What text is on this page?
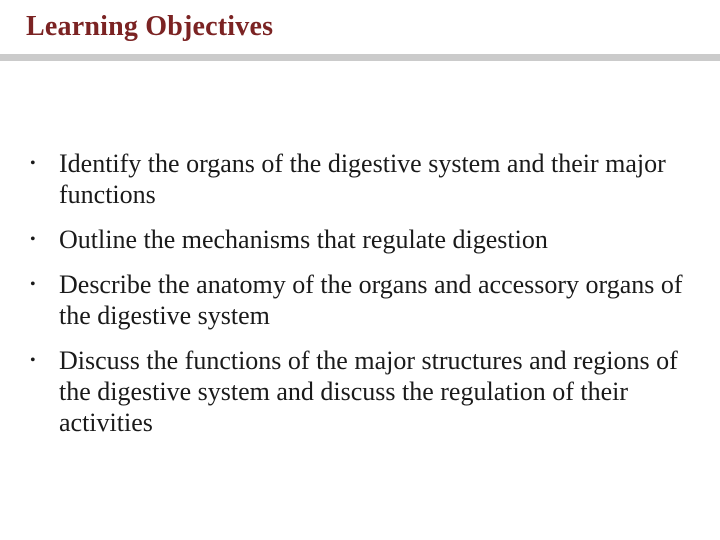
Learning Objectives
• Identify the organs of the digestive system and their major functions
• Outline the mechanisms that regulate digestion
• Describe the anatomy of the organs and accessory organs of the digestive system
• Discuss the functions of the major structures and regions of the digestive system and discuss the regulation of their activities
